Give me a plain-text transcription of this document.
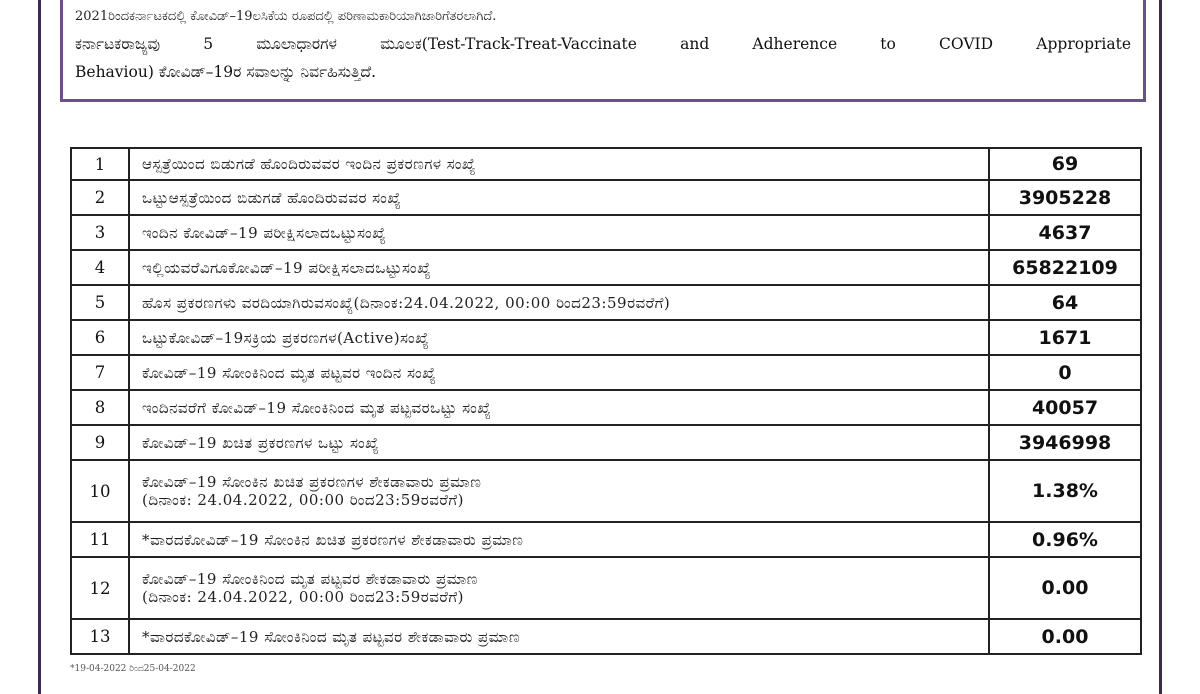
2021ರಿಂದಕರ್ನಾಟಕದಲ್ಲಿ ಕೋವಿಡ್–19ಲಸಿಕೆಯ ರೂಪದಲ್ಲಿ ಪರಿಣಾಮಕಾರಿಯಾಗಿಜಾರಿಗೆತರಲಾಗಿದೆ.

ಕರ್ನಾಟಕರಾಜ್ಯವು 5 ಮೂಲಾಧಾರಗಳ ಮೂಲಕ(Test-Track-Treat-Vaccinate and Adherence to COVID Appropriate

Behaviou) ಕೋವಿಡ್–19ರ ಸವಾಲನ್ನು ನಿರ್ವಹಿಸುತ್ತಿದೆ.

1	ಆಸ್ಪತ್ರೆಯಿಂದ ಬಿಡುಗಡೆ ಹೊಂದಿರುವವರ ಇಂದಿನ ಪ್ರಕರಣಗಳ ಸಂಖ್ಯೆ	69
2	ಒಟ್ಟುಆಸ್ಪತ್ರೆಯಿಂದ ಬಿಡುಗಡೆ ಹೊಂದಿರುವವರ ಸಂಖ್ಯೆ	3905228
3	ಇಂದಿನ ಕೋವಿಡ್–19 ಪರೀಕ್ಷಿಸಲಾದಒಟ್ಟುಸಂಖ್ಯೆ	4637
4	ಇಲ್ಲಿಯವರೆವಿಗೂಕೋವಿಡ್–19 ಪರೀಕ್ಷಿಸಲಾದಒಟ್ಟುಸಂಖ್ಯೆ	65822109
5	ಹೊಸ ಪ್ರಕರಣಗಳು ವರದಿಯಾಗಿರುವಸಂಖ್ಯೆ(ದಿನಾಂಕ:24.04.2022, 00:00 ರಿಂದ23:59ರವರೆಗೆ)	64
6	ಒಟ್ಟುಕೋವಿಡ್–19ಸಕ್ರಿಯ ಪ್ರಕರಣಗಳ(Active)ಸಂಖ್ಯೆ	1671
7	ಕೋವಿಡ್–19 ಸೋಂಕಿನಿಂದ ಮೃತ ಪಟ್ಟವರ ಇಂದಿನ ಸಂಖ್ಯೆ	0
8	ಇಂದಿನವರೆಗೆ ಕೋವಿಡ್–19 ಸೋಂಕಿನಿಂದ ಮೃತ ಪಟ್ಟವರಒಟ್ಟು ಸಂಖ್ಯೆ	40057
9	ಕೋವಿಡ್–19 ಖಚಿತ ಪ್ರಕರಣಗಳ ಒಟ್ಟು ಸಂಖ್ಯೆ	3946998
10	ಕೋವಿಡ್–19 ಸೋಂಕಿನ ಖಚಿತ ಪ್ರಕರಣಗಳ ಶೇಕಡಾವಾರು ಪ್ರಮಾಣ
(ದಿನಾಂಕ: 24.04.2022, 00:00 ರಿಂದ23:59ರವರೆಗೆ)	1.38%
11	*ವಾರದಕೋವಿಡ್–19 ಸೋಂಕಿನ ಖಚಿತ ಪ್ರಕರಣಗಳ ಶೇಕಡಾವಾರು ಪ್ರಮಾಣ	0.96%
12	ಕೋವಿಡ್–19 ಸೋಂಕಿನಿಂದ ಮೃತ ಪಟ್ಟವರ ಶೇಕಡಾವಾರು ಪ್ರಮಾಣ
(ದಿನಾಂಕ: 24.04.2022, 00:00 ರಿಂದ23:59ರವರೆಗೆ)	0.00
13	*ವಾರದಕೋವಿಡ್–19 ಸೋಂಕಿನಿಂದ ಮೃತ ಪಟ್ಟವರ ಶೇಕಡಾವಾರು ಪ್ರಮಾಣ	0.00
*19-04-2022 ರಿಂದ25-04-2022
